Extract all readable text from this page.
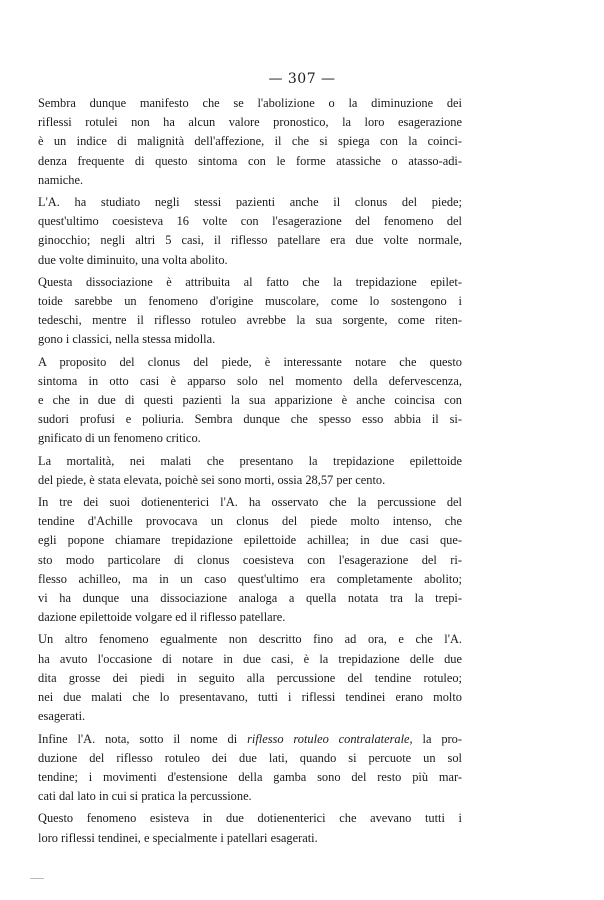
— 307 —

Sembra dunque manifesto che se l'abolizione o la diminuzione dei
riflessi rotulei non ha alcun valore pronostico, la loro esagerazione
è un indice di malignità dell'affezione, il che si spiega con la coinci-
denza frequente di questo sintoma con le forme atassiche o atasso-adi-
namiche.

L'A. ha studiato negli stessi pazienti anche il clonus del piede;
quest'ultimo coesisteva 16 volte con l'esagerazione del fenomeno del
ginocchio; negli altri 5 casi, il riflesso patellare era due volte normale,
due volte diminuito, una volta abolito.

Questa dissociazione è attribuita al fatto che la trepidazione epilet-
toide sarebbe un fenomeno d'origine muscolare, come lo sostengono i
tedeschi, mentre il riflesso rotuleo avrebbe la sua sorgente, come riten-
gono i classici, nella stessa midolla.

A proposito del clonus del piede, è interessante notare che questo
sintoma in otto casi è apparso solo nel momento della defervescenza,
e che in due di questi pazienti la sua apparizione è anche coincisa con
sudori profusi e poliuria. Sembra dunque che spesso esso abbia il si-
gnificato di un fenomeno critico.

La mortalità, nei malati che presentano la trepidazione epilettoide
del piede, è stata elevata, poichè sei sono morti, ossia 28,57 per cento.

In tre dei suoi dotienenterici l'A. ha osservato che la percussione del
tendine d'Achille provocava un clonus del piede molto intenso, che
egli popone chiamare trepidazione epilettoide achillea; in due casi que-
sto modo particolare di clonus coesisteva con l'esagerazione del ri-
flesso achilleo, ma in un caso quest'ultimo era completamente abolito;
vi ha dunque una dissociazione analoga a quella notata tra la trepi-
dazione epilettoide volgare ed il riflesso patellare.

Un altro fenomeno egualmente non descritto fino ad ora, e che l'A.
ha avuto l'occasione di notare in due casi, è la trepidazione delle due
dita grosse dei piedi in seguito alla percussione del tendine rotuleo;
nei due malati che lo presentavano, tutti i riflessi tendinei erano molto
esagerati.

Infine l'A. nota, sotto il nome di riflesso rotuleo contralaterale, la pro-
duzione del riflesso rotuleo dei due lati, quando si percuote un sol
tendine; i movimenti d'estensione della gamba sono del resto più mar-
cati dal lato in cui si pratica la percussione.

Questo fenomeno esisteva in due dotienenterici che avevano tutti i
loro riflessi tendinei, e specialmente i patellari esagerati.
